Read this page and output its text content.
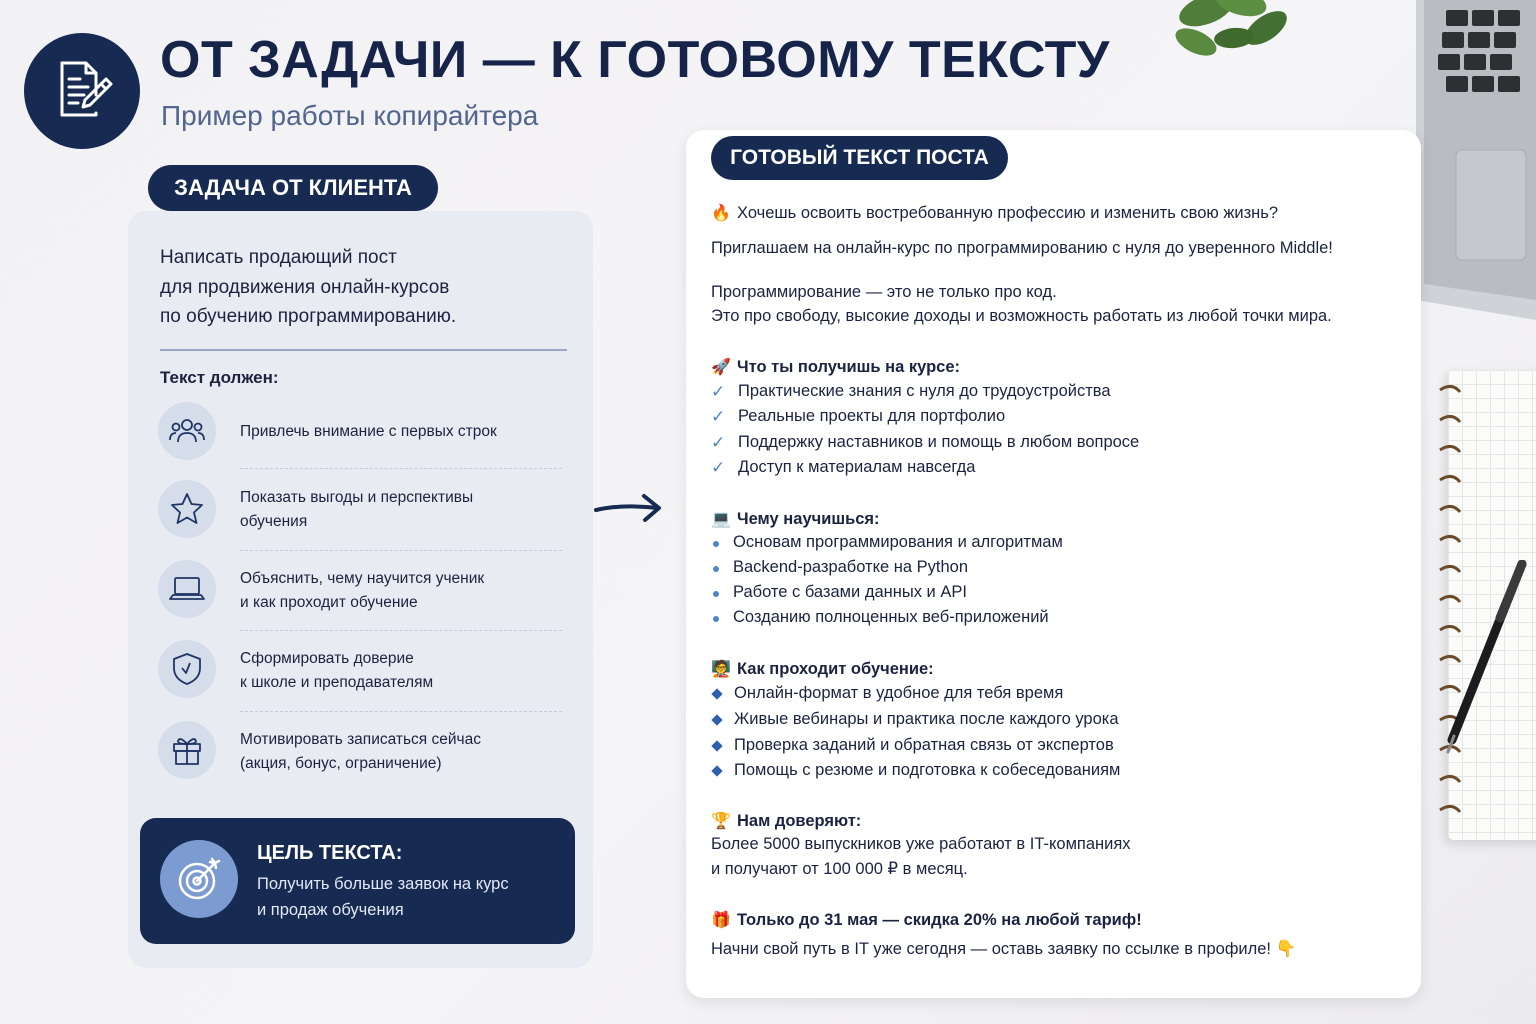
ОТ ЗАДАЧИ — К ГОТОВОМУ ТЕКСТУ
Пример работы копирайтера
ЗАДАЧА ОТ КЛИЕНТА
Написать продающий пост
для продвижения онлайн-курсов
по обучению программированию.
Текст должен:
Привлечь внимание с первых строк
Показать выгоды и перспективы
обучения
Объяснить, чему научится ученик
и как проходит обучение
Сформировать доверие
к школе и преподавателям
Мотивировать записаться сейчас
(акция, бонус, ограничение)
ЦЕЛЬ ТЕКСТА:
Получить больше заявок на курс
и продаж обучения
ГОТОВЫЙ ТЕКСТ ПОСТА
🔥 Хочешь освоить востребованную профессию и изменить свою жизнь?
Приглашаем на онлайн-курс по программированию с нуля до уверенного Middle!
Программирование — это не только про код.
Это про свободу, высокие доходы и возможность работать из любой точки мира.
🚀 Что ты получишь на курсе:
✓ Практические знания с нуля до трудоустройства
✓ Реальные проекты для портфолио
✓ Поддержку наставников и помощь в любом вопросе
✓ Доступ к материалам навсегда
💻 Чему научишься:
Основам программирования и алгоритмам
Backend-разработке на Python
Работе с базами данных и API
Созданию полноценных веб-приложений
🧑‍🏫 Как проходит обучение:
Онлайн-формат в удобное для тебя время
Живые вебинары и практика после каждого урока
Проверка заданий и обратная связь от экспертов
Помощь с резюме и подготовка к собеседованиям
🏆 Нам доверяют:
Более 5000 выпускников уже работают в IT-компаниях
и получают от 100 000 ₽ в месяц.
🎁 Только до 31 мая — скидка 20% на любой тариф!
Начни свой путь в IT уже сегодня — оставь заявку по ссылке в профиле! 👇
